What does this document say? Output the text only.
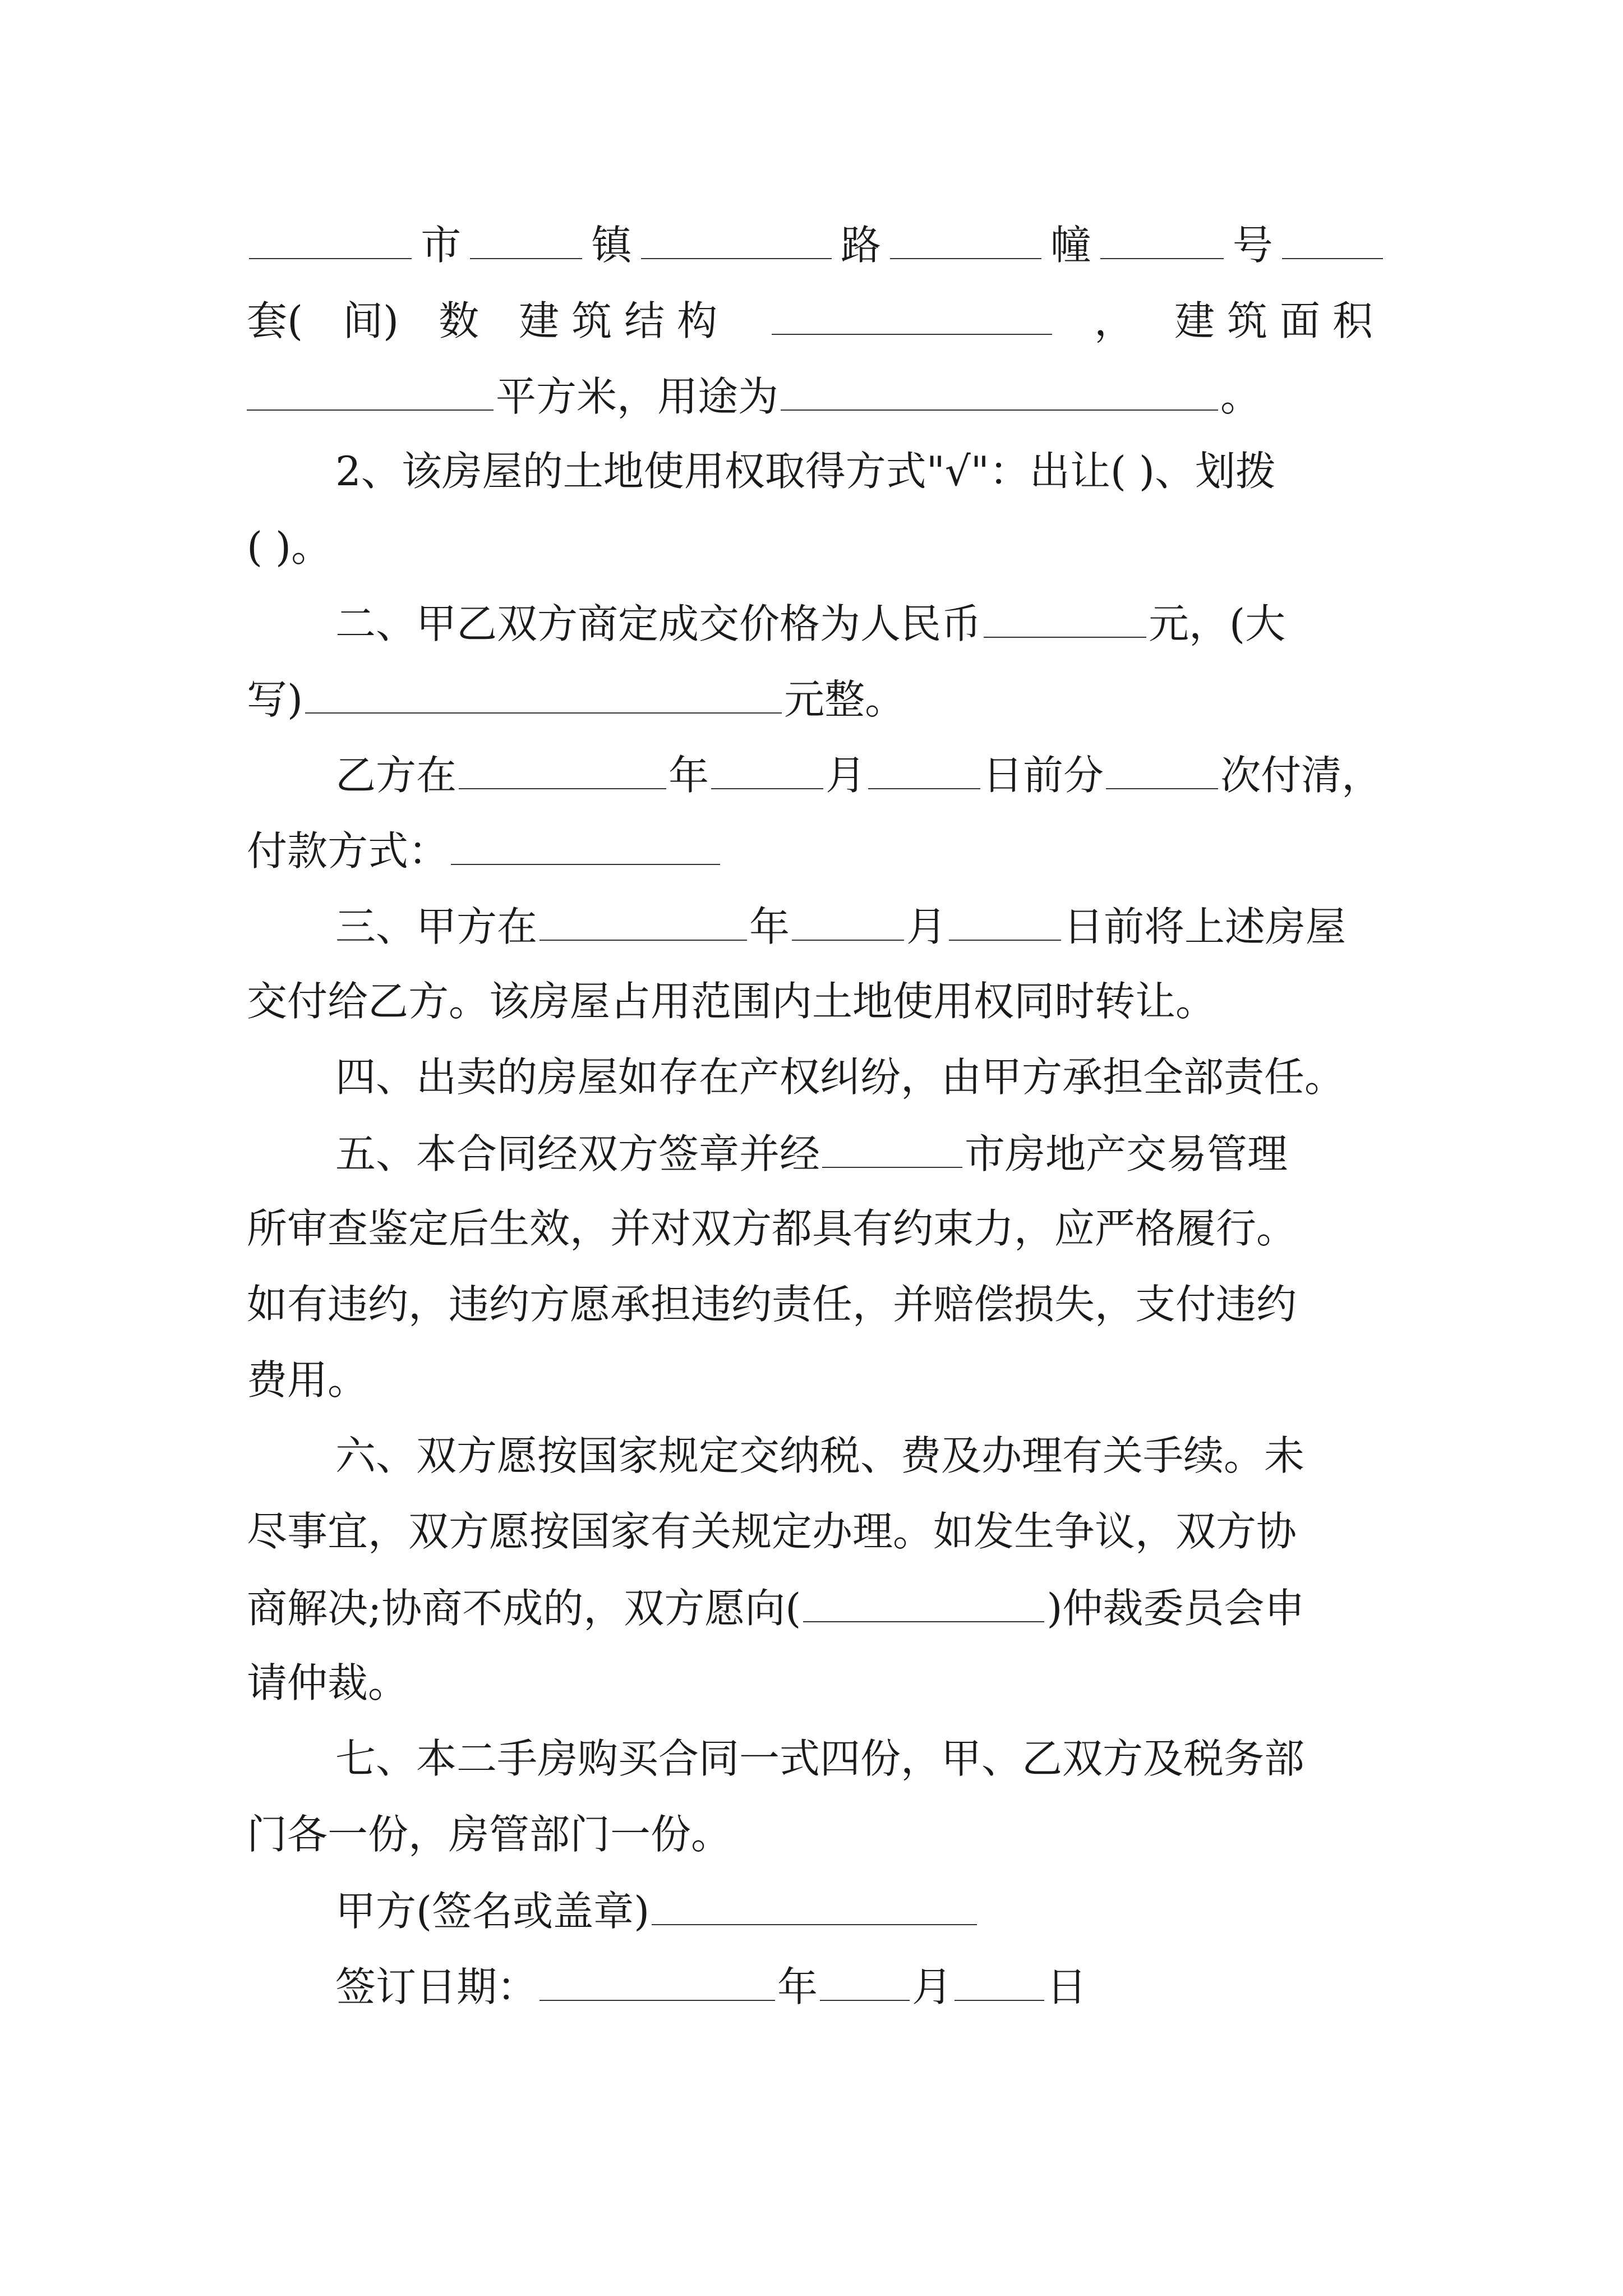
市	镇	路	幢	号
套( 间) 数 建筑结构	， 建筑面积
平方米，用途为	。
2、该房屋的土地使用权取得方式"√"：出让( )、划拨
( )。
二、甲乙双方商定成交价格为人民币	元，(大
写)	元整。
乙方在	年	月	日前分	次付清，
付款方式：
三、甲方在	年	月	日前将上述房屋
交付给乙方。该房屋占用范围内土地使用权同时转让。
四、出卖的房屋如存在产权纠纷，由甲方承担全部责任。
五、本合同经双方签章并经	市房地产交易管理
所审查鉴定后生效，并对双方都具有约束力，应严格履行。
如有违约，违约方愿承担违约责任，并赔偿损失，支付违约
费用。
六、双方愿按国家规定交纳税、费及办理有关手续。未
尽事宜，双方愿按国家有关规定办理。如发生争议，双方协
商解决;协商不成的，双方愿向(	)仲裁委员会申
请仲裁。
七、本二手房购买合同一式四份，甲、乙双方及税务部
门各一份，房管部门一份。
甲方(签名或盖章)
签订日期：	年 月 日
